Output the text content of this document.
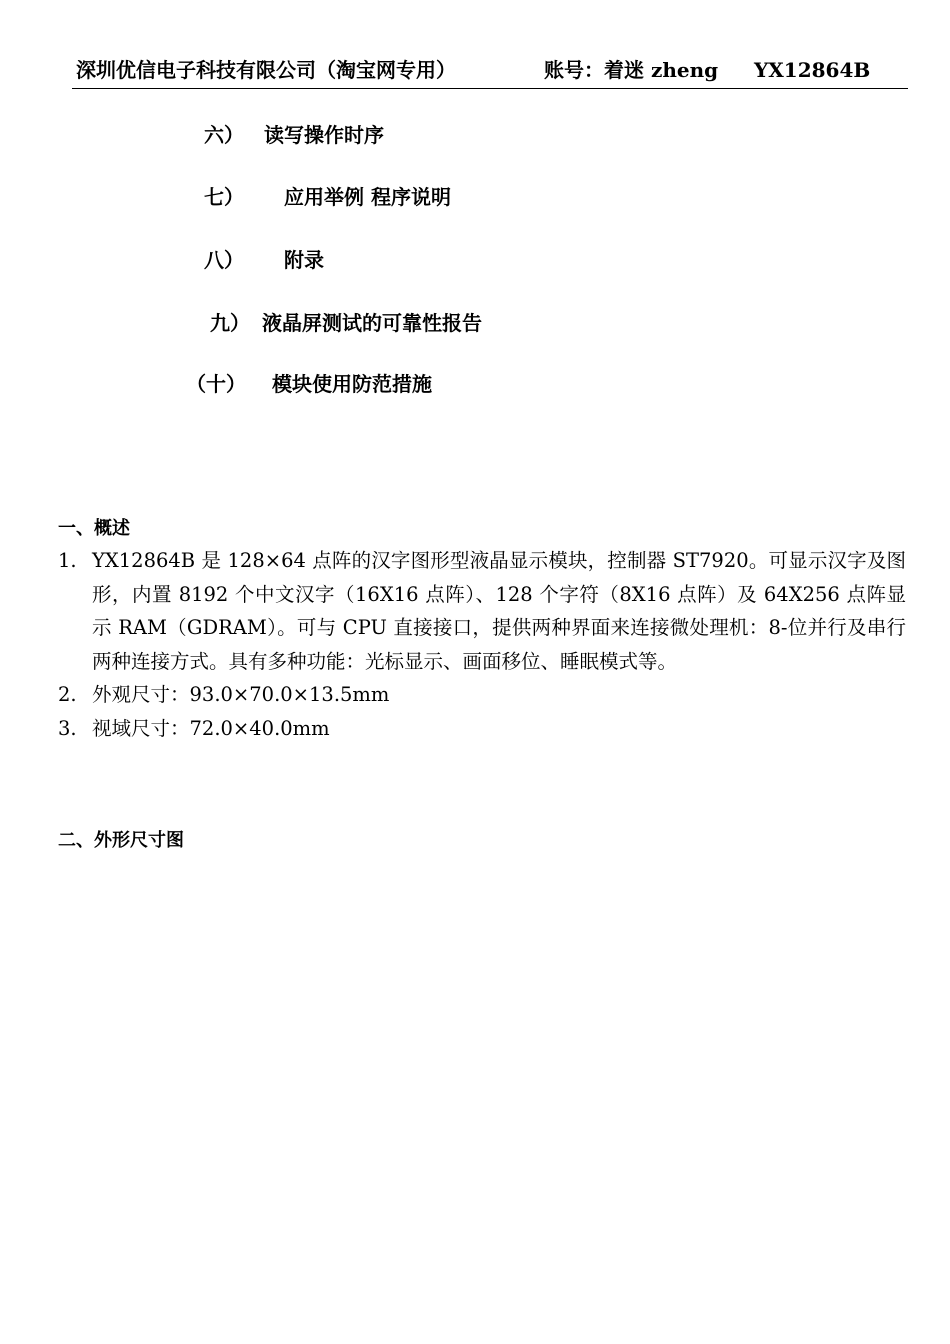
深圳优信电子科技有限公司（淘宝网专用）	账号：着迷 zheng YX12864B
六） 读写操作时序
七） 应用举例 程序说明
八） 附录
九） 液晶屏测试的可靠性报告
（十） 模块使用防范措施
一、概述
1. YX12864B 是 128×64 点阵的汉字图形型液晶显示模块，控制器 ST7920。可显示汉字及图形，内置 8192 个中文汉字（16X16 点阵）、128 个字符（8X16 点阵）及 64X256 点阵显示 RAM（GDRAM）。可与 CPU 直接接口，提供两种界面来连接微处理机：8-位并行及串行两种连接方式。具有多种功能：光标显示、画面移位、睡眠模式等。
2. 外观尺寸：93.0×70.0×13.5mm
3. 视域尺寸：72.0×40.0mm
二、外形尺寸图
